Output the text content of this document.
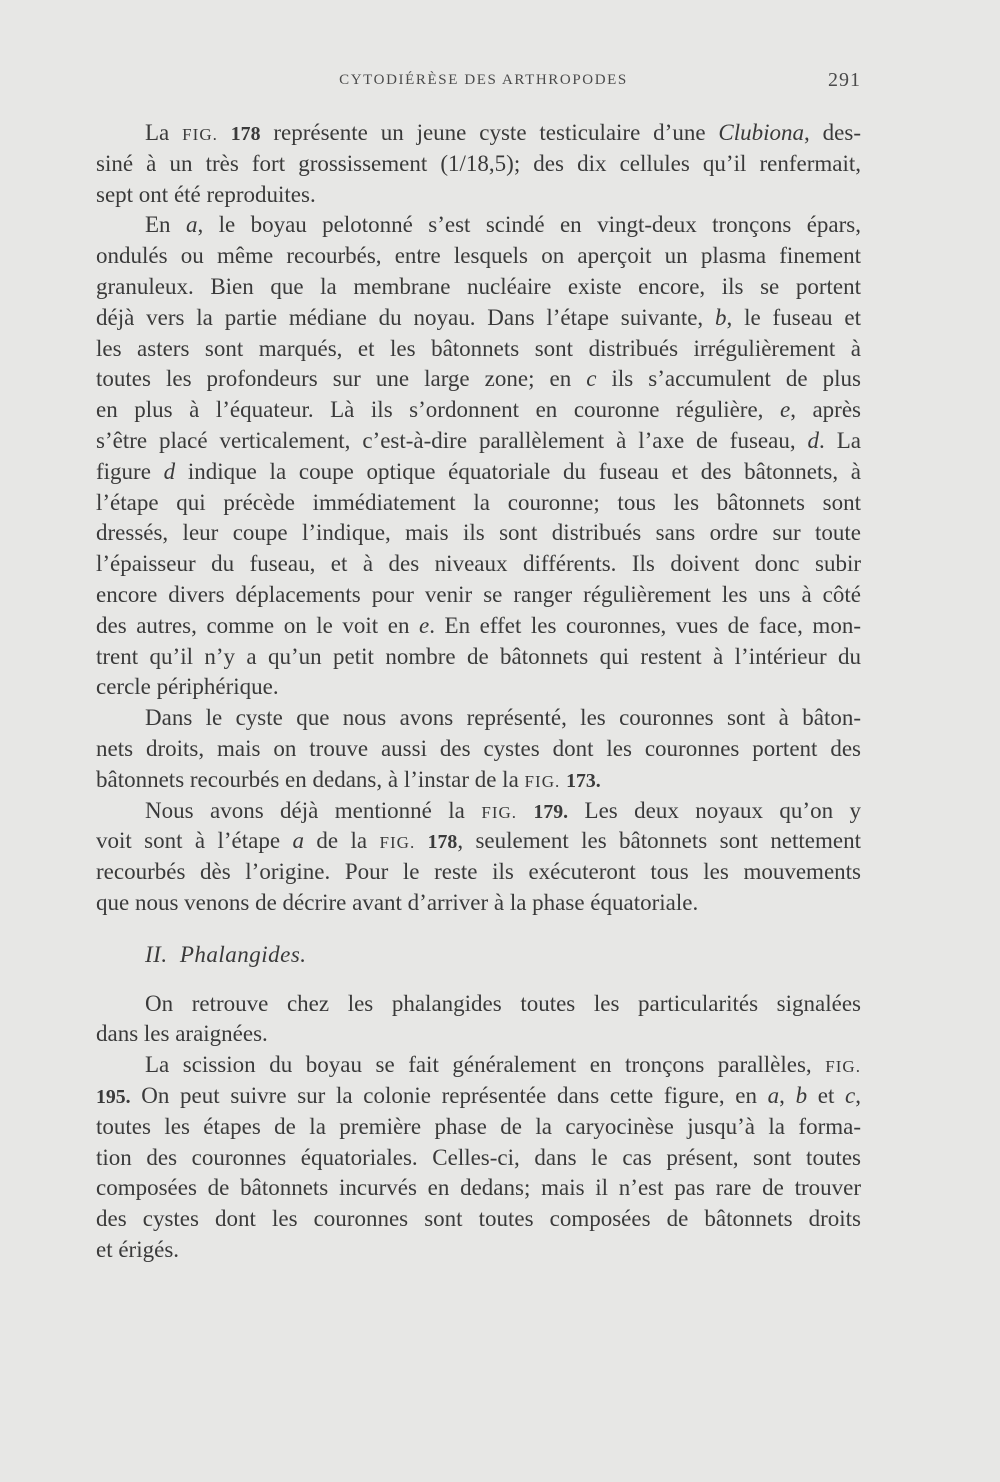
CYTODIÉRÈSE DES ARTHROPODES	291
La FIG. 178 représente un jeune cyste testiculaire d’une Clubiona, des-
siné à un très fort grossissement (1/18,5); des dix cellules qu’il renfermait,
sept ont été reproduites.
En a, le boyau pelotonné s’est scindé en vingt-deux tronçons épars,
ondulés ou même recourbés, entre lesquels on aperçoit un plasma finement
granuleux. Bien que la membrane nucléaire existe encore, ils se portent
déjà vers la partie médiane du noyau. Dans l’étape suivante, b, le fuseau et
les asters sont marqués, et les bâtonnets sont distribués irrégulièrement à
toutes les profondeurs sur une large zone; en c ils s’accumulent de plus
en plus à l’équateur. Là ils s’ordonnent en couronne régulière, e, après
s’être placé verticalement, c’est-à-dire parallèlement à l’axe de fuseau, d. La
figure d indique la coupe optique équatoriale du fuseau et des bâtonnets, à
l’étape qui précède immédiatement la couronne; tous les bâtonnets sont
dressés, leur coupe l’indique, mais ils sont distribués sans ordre sur toute
l’épaisseur du fuseau, et à des niveaux différents. Ils doivent donc subir
encore divers déplacements pour venir se ranger régulièrement les uns à côté
des autres, comme on le voit en e. En effet les couronnes, vues de face, mon-
trent qu’il n’y a qu’un petit nombre de bâtonnets qui restent à l’intérieur du
cercle périphérique.
Dans le cyste que nous avons représenté, les couronnes sont à bâton-
nets droits, mais on trouve aussi des cystes dont les couronnes portent des
bâtonnets recourbés en dedans, à l’instar de la FIG. 173.
Nous avons déjà mentionné la FIG. 179. Les deux noyaux qu’on y
voit sont à l’étape a de la FIG. 178, seulement les bâtonnets sont nettement
recourbés dès l’origine. Pour le reste ils exécuteront tous les mouvements
que nous venons de décrire avant d’arriver à la phase équatoriale.
II. Phalangides.
On retrouve chez les phalangides toutes les particularités signalées
dans les araignées.
La scission du boyau se fait généralement en tronçons parallèles, FIG.
195. On peut suivre sur la colonie représentée dans cette figure, en a, b et c,
toutes les étapes de la première phase de la caryocinèse jusqu’à la forma-
tion des couronnes équatoriales. Celles-ci, dans le cas présent, sont toutes
composées de bâtonnets incurvés en dedans; mais il n’est pas rare de trouver
des cystes dont les couronnes sont toutes composées de bâtonnets droits
et érigés.
